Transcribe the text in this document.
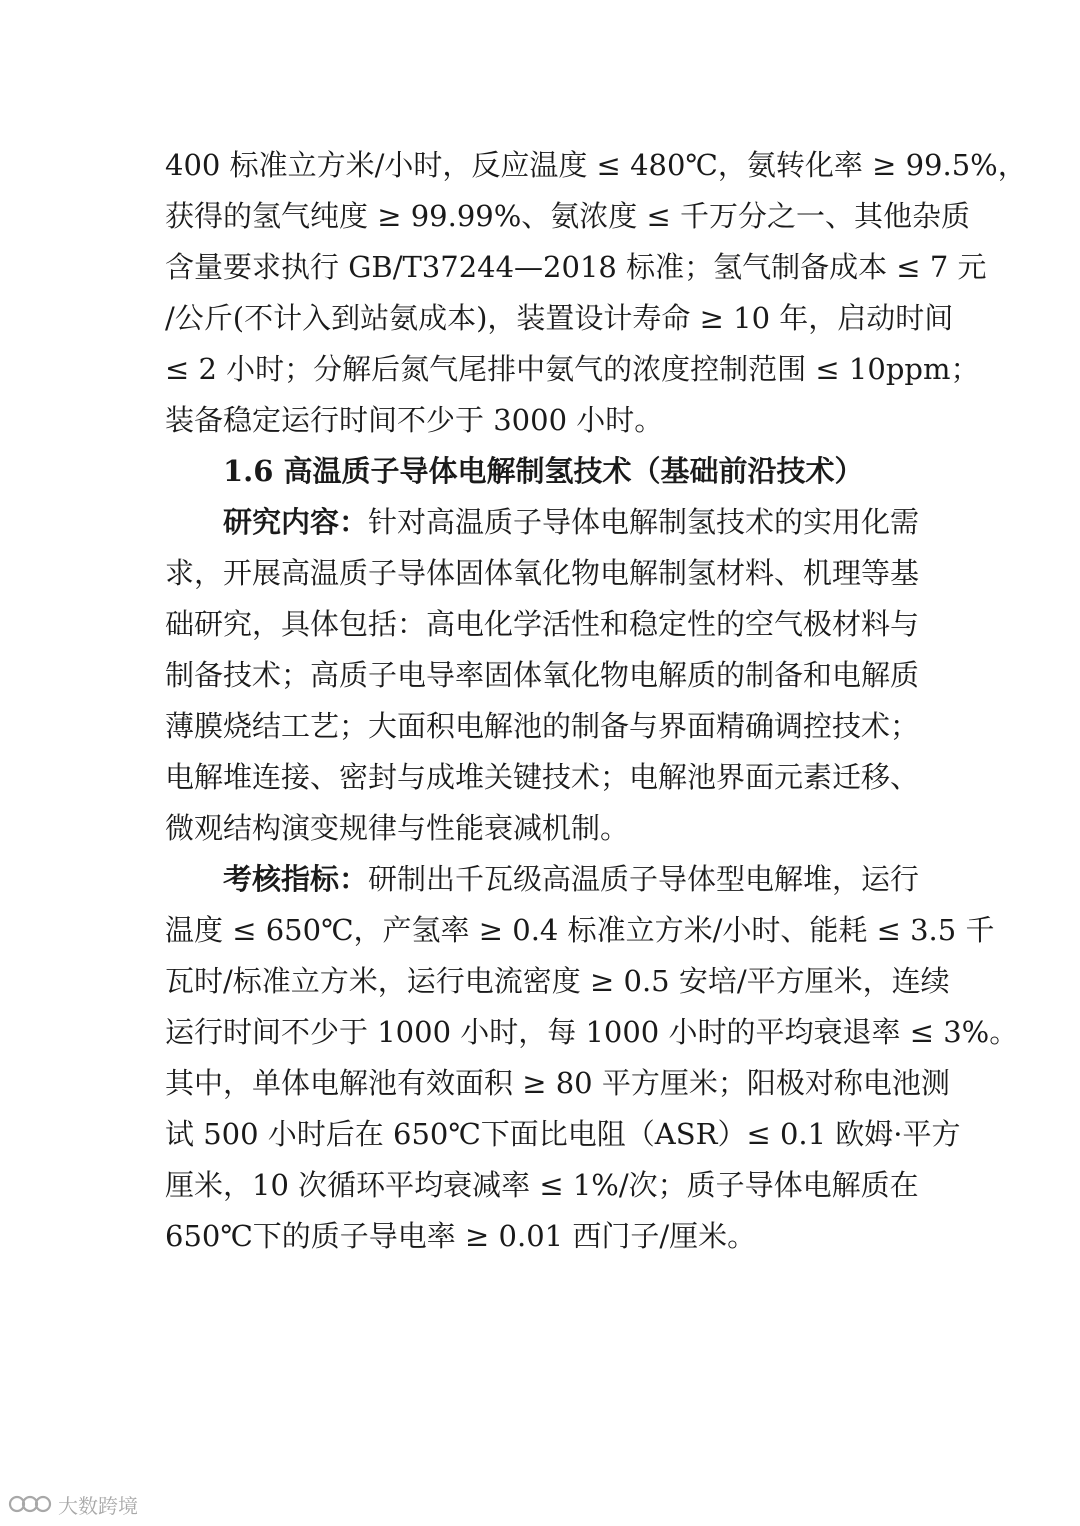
400 标准立方米/小时，反应温度 ≤ 480℃，氨转化率 ≥ 99.5%，
获得的氢气纯度 ≥ 99.99%、氨浓度 ≤ 千万分之一、其他杂质
含量要求执行 GB/T37244—2018 标准；氢气制备成本 ≤ 7 元
/公斤(不计入到站氨成本)，装置设计寿命 ≥ 10 年，启动时间
≤ 2 小时；分解后氮气尾排中氨气的浓度控制范围 ≤ 10ppm；
装备稳定运行时间不少于 3000 小时。
1.6 高温质子导体电解制氢技术（基础前沿技术）
研究内容：针对高温质子导体电解制氢技术的实用化需
求，开展高温质子导体固体氧化物电解制氢材料、机理等基
础研究，具体包括：高电化学活性和稳定性的空气极材料与
制备技术；高质子电导率固体氧化物电解质的制备和电解质
薄膜烧结工艺；大面积电解池的制备与界面精确调控技术；
电解堆连接、密封与成堆关键技术；电解池界面元素迁移、
微观结构演变规律与性能衰减机制。
考核指标：研制出千瓦级高温质子导体型电解堆，运行
温度 ≤ 650℃，产氢率 ≥ 0.4 标准立方米/小时、能耗 ≤ 3.5 千
瓦时/标准立方米，运行电流密度 ≥ 0.5 安培/平方厘米，连续
运行时间不少于 1000 小时，每 1000 小时的平均衰退率 ≤ 3%。
其中，单体电解池有效面积 ≥ 80 平方厘米；阳极对称电池测
试 500 小时后在 650℃下面比电阻（ASR）≤ 0.1 欧姆·平方
厘米，10 次循环平均衰减率 ≤ 1%/次；质子导体电解质在
650℃下的质子导电率 ≥ 0.01 西门子/厘米。
大数跨境
